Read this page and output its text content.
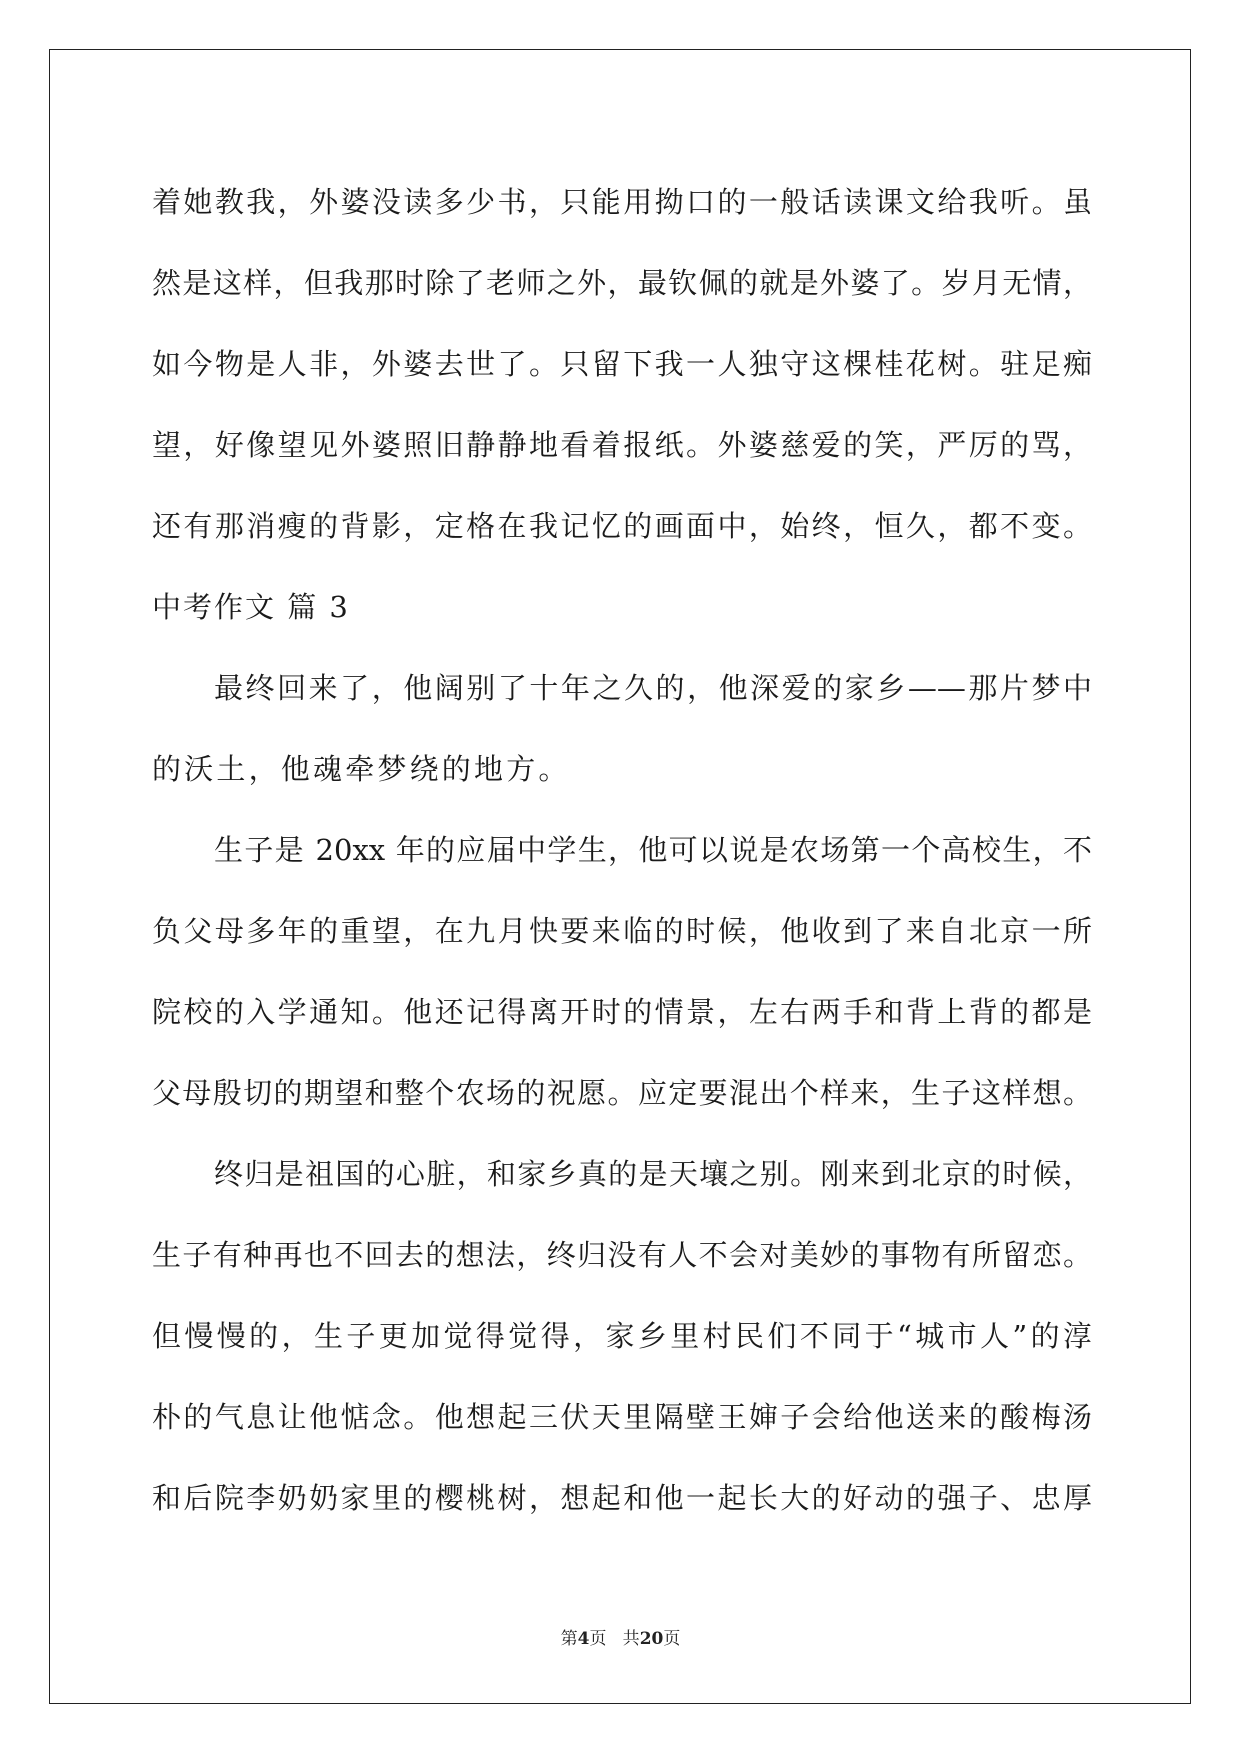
着她教我，外婆没读多少书，只能用拗口的一般话读课文给我听。虽
然是这样，但我那时除了老师之外，最钦佩的就是外婆了。岁月无情，
如今物是人非，外婆去世了。只留下我一人独守这棵桂花树。驻足痴
望，好像望见外婆照旧静静地看着报纸。外婆慈爱的笑，严厉的骂，
还有那消瘦的背影，定格在我记忆的画面中，始终，恒久，都不变。
中考作文 篇 3
最终回来了，他阔别了十年之久的，他深爱的家乡——那片梦中
的沃土，他魂牵梦绕的地方。
生子是 20xx 年的应届中学生，他可以说是农场第一个高校生，不
负父母多年的重望，在九月快要来临的时候，他收到了来自北京一所
院校的入学通知。他还记得离开时的情景，左右两手和背上背的都是
父母殷切的期望和整个农场的祝愿。应定要混出个样来，生子这样想。
终归是祖国的心脏，和家乡真的是天壤之别。刚来到北京的时候，
生子有种再也不回去的想法，终归没有人不会对美妙的事物有所留恋。
但慢慢的，生子更加觉得觉得，家乡里村民们不同于“城市人”的淳
朴的气息让他惦念。他想起三伏天里隔壁王婶子会给他送来的酸梅汤
和后院李奶奶家里的樱桃树，想起和他一起长大的好动的强子、忠厚
第4页   共20页
